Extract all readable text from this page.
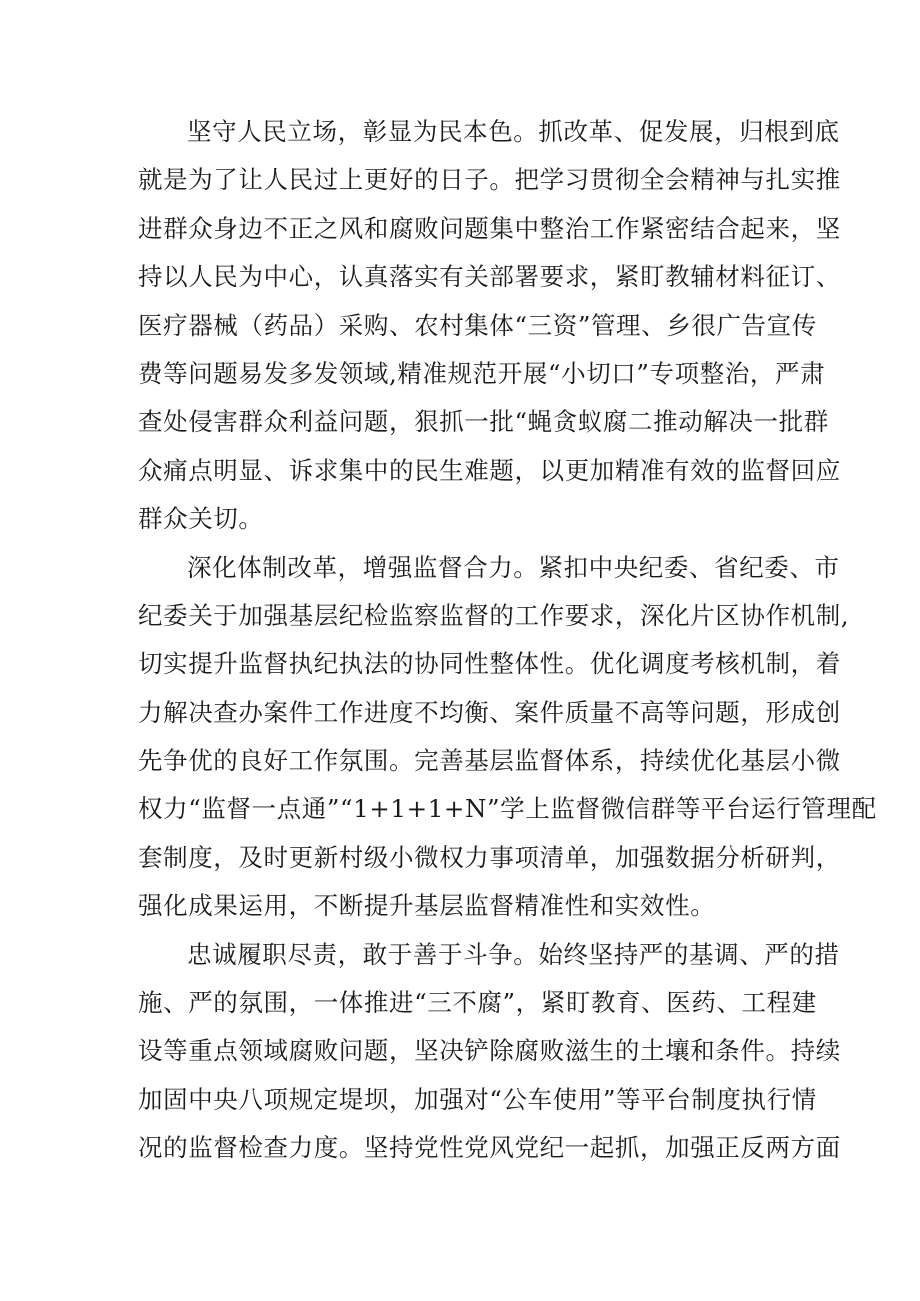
坚守人民立场，彰显为民本色。抓改革、促发展，归根到底
就是为了让人民过上更好的日子。把学习贯彻全会精神与扎实推
进群众身边不正之风和腐败问题集中整治工作紧密结合起来，坚
持以人民为中心，认真落实有关部署要求，紧盯教辅材料征订、
医疗器械（药品）采购、农村集体“三资”管理、乡很广告宣传
费等问题易发多发领域,精准规范开展“小切口”专项整治，严肃
查处侵害群众利益问题，狠抓一批“蝇贪蚁腐二推动解决一批群
众痛点明显、诉求集中的民生难题，以更加精准有效的监督回应
群众关切。
深化体制改革，增强监督合力。紧扣中央纪委、省纪委、市
纪委关于加强基层纪检监察监督的工作要求，深化片区协作机制,
切实提升监督执纪执法的协同性整体性。优化调度考核机制，着
力解决查办案件工作进度不均衡、案件质量不高等问题，形成创
先争优的良好工作氛围。完善基层监督体系，持续优化基层小微
权力“监督一点通”“1+1+1+N”学上监督微信群等平台运行管理配
套制度，及时更新村级小微权力事项清单，加强数据分析研判，
强化成果运用，不断提升基层监督精准性和实效性。
忠诚履职尽责，敢于善于斗争。始终坚持严的基调、严的措
施、严的氛围，一体推进“三不腐”，紧盯教育、医药、工程建
设等重点领域腐败问题，坚决铲除腐败滋生的土壤和条件。持续
加固中央八项规定堤坝，加强对“公车使用”等平台制度执行情
况的监督检查力度。坚持党性党风党纪一起抓，加强正反两方面
